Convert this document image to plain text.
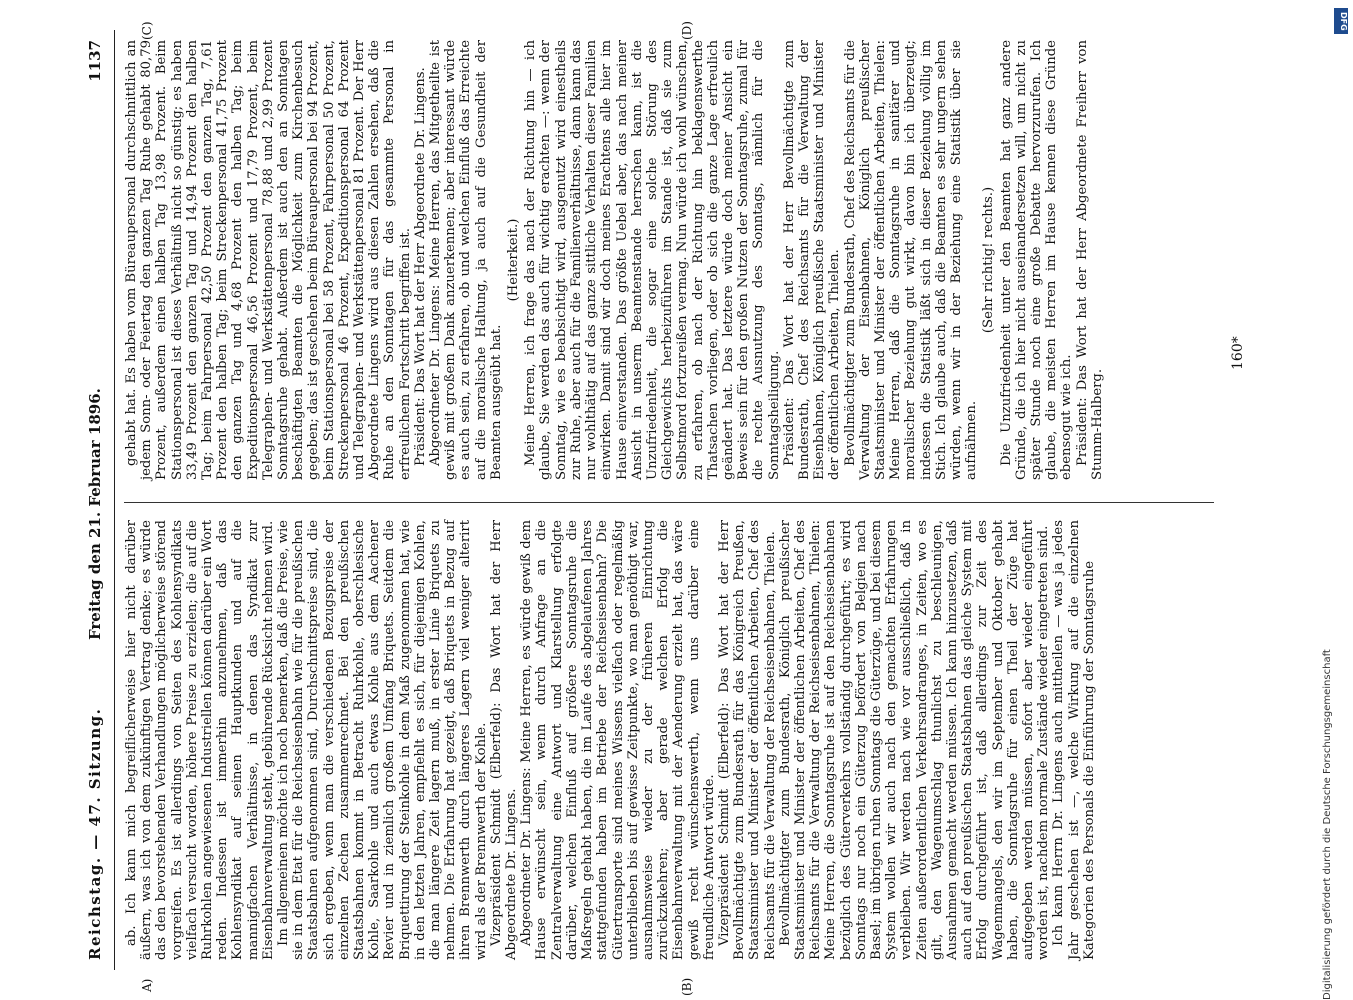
Reichstag. — 47. Sitzung.
Freitag den 21. Februar 1896.
1137

ab. Ich kann mich begreiflicherweise hier nicht darüber äußern, was ich von dem zukünftigen Vertrag denke; es würde das den bevorstehenden Verhandlungen möglicherweise störend vorgreifen. Es ist allerdings von Seiten des Kohlensyndikats vielfach versucht worden, höhere Preise zu erzielen; die auf die Ruhrkohlen angewiesenen Industriellen können darüber ein Wort reden. Indessen ist immerhin anzunehmen, daß das Kohlensyndikat auf seinen Hauptkunden und auf die mannigfachen Verhältnisse, in denen das Syndikat zur Eisenbahnverwaltung steht, gebührende Rücksicht nehmen wird. Im allgemeinen möchte ich noch bemerken, daß die Preise, wie sie in dem Etat für die Reichseisenbahn wie für die preußischen Staatsbahnen aufgenommen sind, Durchschnittspreise sind, die sich ergeben, wenn man die verschiedenen Bezugspreise der einzelnen Zechen zusammenrechnet. Bei den preußischen Staatsbahnen kommt in Betracht Ruhrkohle, oberschlesische Kohle, Saarkohle und auch etwas Kohle aus dem Aachener Revier und in ziemlich großem Umfang Briquets. Seitdem die Briquettirung der Steinkohle in dem Maß zugenommen hat, wie in den letzten Jahren, empfiehlt es sich, für diejenigen Kohlen, die man längere Zeit lagern muß, in erster Linie Briquets zu nehmen. Die Erfahrung hat gezeigt, daß Briquets in Bezug auf ihren Brennwerth durch längeres Lagern viel weniger alterirt wird als der Brennwerth der Kohle. Vizepräsident Schmidt (Elberfeld): Das Wort hat der Herr Abgeordnete Dr. Lingens. Abgeordneter Dr. Lingens: Meine Herren, es würde gewiß dem Hause erwünscht sein, wenn durch Anfrage an die Zentralverwaltung eine Antwort und Klarstellung erfolgte darüber, welchen Einfluß auf größere Sonntagsruhe die Maßregeln gehabt haben, die im Laufe des abgelaufenen Jahres stattgefunden haben im Betriebe der Reichseisenbahn? Die Gütertransporte sind meines Wissens vielfach oder regelmäßig unterblieben bis auf gewisse Zeitpunkte, wo man genöthigt war, ausnahmsweise wieder zu der früheren Einrichtung zurückzukehren; aber gerade welchen Erfolg die Eisenbahnverwaltung mit der Aenderung erzielt hat, das wäre gewiß recht wünschenswerth, wenn uns darüber eine freundliche Antwort würde. Vizepräsident Schmidt (Elberfeld): Das Wort hat der Herr Bevollmächtigte zum Bundesrath für das Königreich Preußen, Staatsminister und Minister der öffentlichen Arbeiten, Chef des Reichsamts für die Verwaltung der Reichseisenbahnen, Thielen. Bevollmächtigter zum Bundesrath, Königlich preußischer Staatsminister und Minister der öffentlichen Arbeiten, Chef des Reichsamts für die Verwaltung der Reichseisenbahnen, Thielen: Meine Herren, die Sonntagsruhe ist auf den Reichseisenbahnen bezüglich des Güterverkehrs vollständig durchgeführt; es wird Sonntags nur noch ein Güterzug befördert von Belgien nach Basel; im übrigen ruhen Sonntags die Güterzüge, und bei diesem System wollen wir auch nach den gemachten Erfahrungen verbleiben. Wir werden nach wie vor ausschließlich, daß in Zeiten außerordentlichen Verkehrsandranges, in Zeiten, wo es gilt, den Wagenumschlag thunlichst zu beschleunigen, Ausnahmen gemacht werden müssen. Ich kann hinzusetzen, daß auch auf den preußischen Staatsbahnen das gleiche System mit Erfolg durchgeführt ist, daß allerdings zur Zeit des Wagenmangels, den wir im September und Oktober gehabt haben, die Sonntagsruhe für einen Theil der Züge hat aufgegeben werden müssen, sofort aber wieder eingeführt worden ist, nachdem normale Zustände wieder eingetreten sind. Ich kann Herrn Dr. Lingens auch mittheilen — was ja jedes Jahr geschehen ist —, welche Wirkung auf die einzelnen Kategorien des Personals die Einführung der Sonntagsruhe

gehabt hat. Es haben vom Büreaupersonal durchschnittlich an jedem Sonn- oder Feiertag den ganzen Tag Ruhe gehabt 80,79 Prozent, außerdem einen halben Tag 13,98 Prozent. Beim Stationspersonal ist dieses Verhältniß nicht so günstig; es haben 33,49 Prozent den ganzen Tag und 14,94 Prozent den halben Tag; beim Fahrpersonal 42,50 Prozent den ganzen Tag, 7,61 Prozent den halben Tag; beim Streckenpersonal 41,75 Prozent den ganzen Tag und 4,68 Prozent den halben Tag; beim Expeditionspersonal 46,56 Prozent und 17,79 Prozent, beim Telegraphen- und Werkstättenpersonal 78,88 und 2,99 Prozent Sonntagsruhe gehabt. Außerdem ist auch den an Sonntagen beschäftigten Beamten die Möglichkeit zum Kirchenbesuch gegeben; das ist geschehen beim Büreaupersonal bei 94 Prozent, beim Stationspersonal bei 58 Prozent, Fahrpersonal 50 Prozent, Streckenpersonal 46 Prozent, Expeditionspersonal 64 Prozent und Telegraphen- und Werkstättenpersonal 81 Prozent. Der Herr Abgeordnete Lingens wird aus diesen Zahlen ersehen, daß die Ruhe an den Sonntagen für das gesammte Personal in erfreulichem Fortschritt begriffen ist. Präsident: Das Wort hat der Herr Abgeordnete Dr. Lingens. Abgeordneter Dr. Lingens: Meine Herren, das Mitgetheilte ist gewiß mit großem Dank anzuerkennen; aber interessant würde es auch sein, zu erfahren, ob und welchen Einfluß das Erreichte auf die moralische Haltung, ja auch auf die Gesundheit der Beamten ausgeübt hat.

(Heiterkeit.) Meine Herren, ich frage das nach der Richtung hin — ich glaube, Sie werden das auch für wichtig erachten —: wenn der Sonntag, wie es beabsichtigt wird, ausgenutzt wird einestheils zur Ruhe, aber auch für die Familienverhältnisse, dann kann das nur wohlthätig auf das ganze sittliche Verhalten dieser Familien einwirken. Damit sind wir doch meines Erachtens alle hier im Hause einverstanden. Das größte Uebel aber, das nach meiner Ansicht in unserm Beamtenstande herrschen kann, ist die Unzufriedenheit, die sogar eine solche Störung des Gleichgewichts herbeizuführen im Stande ist, daß sie zum Selbstmord fortzureißen vermag. Nun würde ich wohl wünschen, zu erfahren, ob nach der Richtung hin beklagenswerthe Thatsachen vorliegen, oder ob sich die ganze Lage erfreulich geändert hat. Das letztere würde doch meiner Ansicht ein Beweis sein für den großen Nutzen der Sonntagsruhe, zumal für die rechte Ausnutzung des Sonntags, nämlich für die Sonntagsheiligung. Präsident: Das Wort hat der Herr Bevollmächtigte zum Bundesrath, Chef des Reichsamts für die Verwaltung der Eisenbahnen, Königlich preußische Staatsminister und Minister der öffentlichen Arbeiten, Thielen. Bevollmächtigter zum Bundesrath, Chef des Reichsamts für die Verwaltung der Eisenbahnen, Königlich preußischer Staatsminister und Minister der öffentlichen Arbeiten, Thielen: Meine Herren, daß die Sonntagsruhe in sanitärer und moralischer Beziehung gut wirkt, davon bin ich überzeugt; indessen die Statistik läßt sich in dieser Beziehung völlig im Stich. Ich glaube auch, daß die Beamten es sehr ungern sehen würden, wenn wir in der Beziehung eine Statistik über sie aufnähmen.

(Sehr richtig! rechts.) Die Unzufriedenheit unter den Beamten hat ganz andere Gründe, die ich hier nicht auseinandersetzen will, um nicht zu später Stunde noch eine große Debatte hervorzurufen. Ich glaube, die meisten Herren im Hause kennen diese Gründe ebensogut wie ich. Präsident: Das Wort hat der Herr Abgeordnete Freiherr von Stumm-Halberg.

A)	(B)
(C)	(D)
160*
DFG
Digitalisierung gefördert durch die Deutsche Forschungsgemeinschaft
